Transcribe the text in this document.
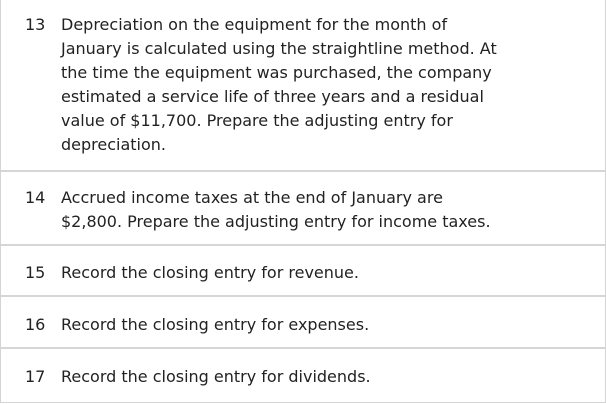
13 Depreciation on the equipment for the month of
January is calculated using the straightline method. At
the time the equipment was purchased, the company
estimated a service life of three years and a residual
value of $11,700. Prepare the adjusting entry for
depreciation.
14 Accrued income taxes at the end of January are
$2,800. Prepare the adjusting entry for income taxes.
15 Record the closing entry for revenue.
16 Record the closing entry for expenses.
17 Record the closing entry for dividends.
